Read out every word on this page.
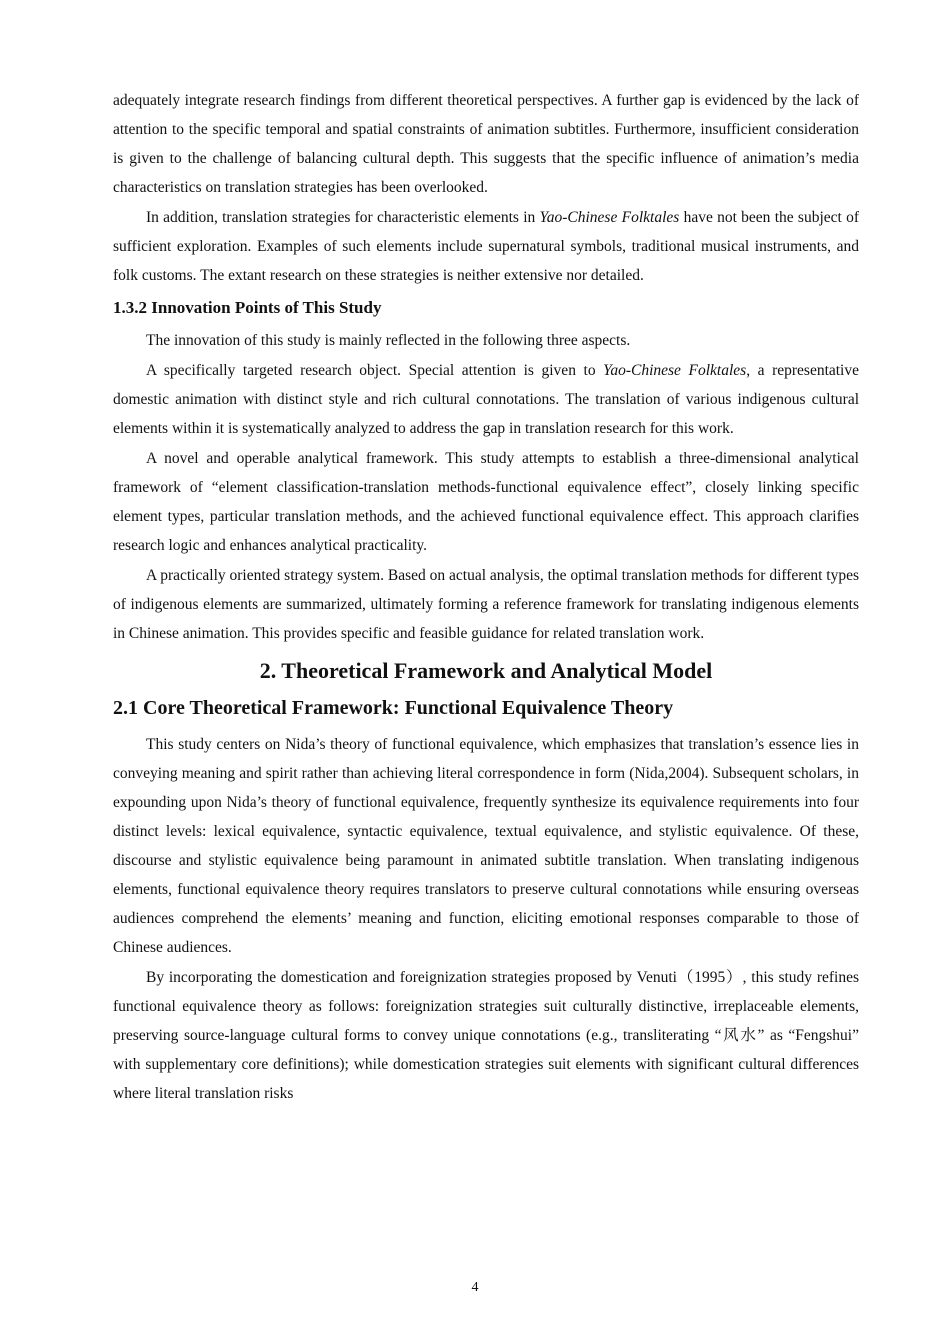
adequately integrate research findings from different theoretical perspectives. A further gap is evidenced by the lack of attention to the specific temporal and spatial constraints of animation subtitles. Furthermore, insufficient consideration is given to the challenge of balancing cultural depth. This suggests that the specific influence of animation’s media characteristics on translation strategies has been overlooked.

In addition, translation strategies for characteristic elements in Yao-Chinese Folktales have not been the subject of sufficient exploration. Examples of such elements include supernatural symbols, traditional musical instruments, and folk customs. The extant research on these strategies is neither extensive nor detailed.

1.3.2 Innovation Points of This Study

The innovation of this study is mainly reflected in the following three aspects.

A specifically targeted research object. Special attention is given to Yao-Chinese Folktales, a representative domestic animation with distinct style and rich cultural connotations. The translation of various indigenous cultural elements within it is systematically analyzed to address the gap in translation research for this work.

A novel and operable analytical framework. This study attempts to establish a three-dimensional analytical framework of “element classification-translation methods-functional equivalence effect”, closely linking specific element types, particular translation methods, and the achieved functional equivalence effect. This approach clarifies research logic and enhances analytical practicality.

A practically oriented strategy system. Based on actual analysis, the optimal translation methods for different types of indigenous elements are summarized, ultimately forming a reference framework for translating indigenous elements in Chinese animation. This provides specific and feasible guidance for related translation work.

2. Theoretical Framework and Analytical Model
2.1 Core Theoretical Framework: Functional Equivalence Theory

This study centers on Nida’s theory of functional equivalence, which emphasizes that translation’s essence lies in conveying meaning and spirit rather than achieving literal correspondence in form (Nida,2004). Subsequent scholars, in expounding upon Nida’s theory of functional equivalence, frequently synthesize its equivalence requirements into four distinct levels: lexical equivalence, syntactic equivalence, textual equivalence, and stylistic equivalence. Of these, discourse and stylistic equivalence being paramount in animated subtitle translation. When translating indigenous elements, functional equivalence theory requires translators to preserve cultural connotations while ensuring overseas audiences comprehend the elements’ meaning and function, eliciting emotional responses comparable to those of Chinese audiences.

By incorporating the domestication and foreignization strategies proposed by Venuti（1995）, this study refines functional equivalence theory as follows: foreignization strategies suit culturally distinctive, irreplaceable elements, preserving source-language cultural forms to convey unique connotations (e.g., transliterating “风水” as “Fengshui” with supplementary core definitions); while domestication strategies suit elements with significant cultural differences where literal translation risks

4
